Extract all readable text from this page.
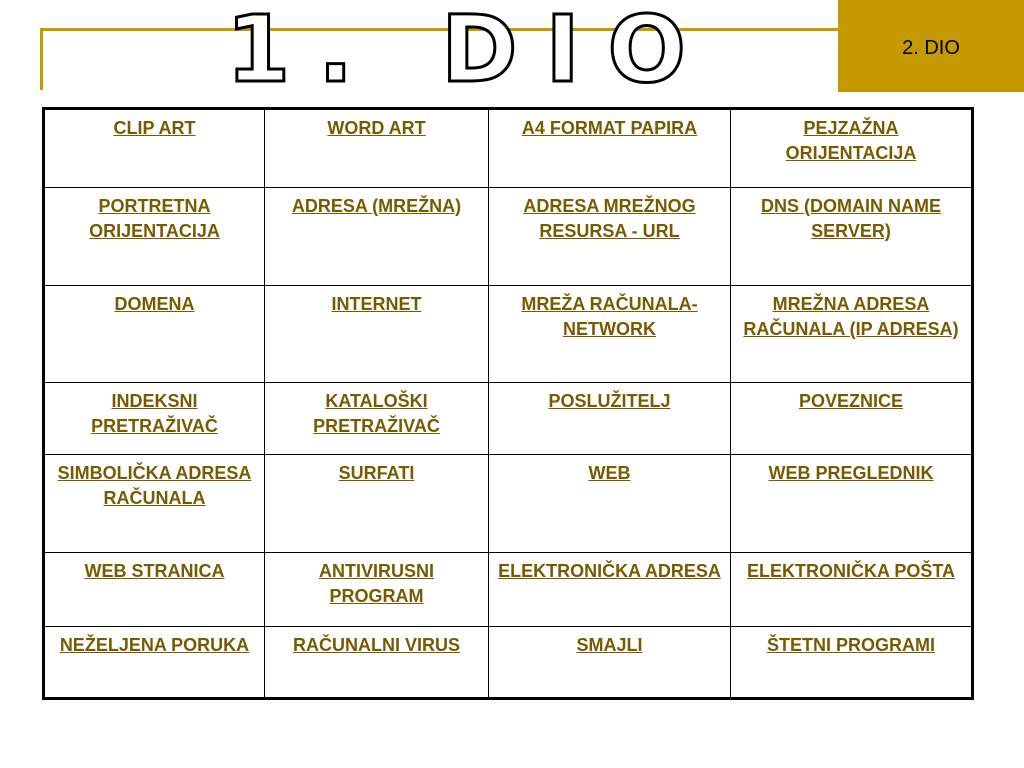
1. DIO	2. DIO
CLIP ART	WORD ART	A4 FORMAT PAPIRA	PEJZAŽNA ORIJENTACIJA
PORTRETNA ORIJENTACIJA	ADRESA (MREŽNA)	ADRESA MREŽNOG RESURSA - URL	DNS (DOMAIN NAME SERVER)
DOMENA	INTERNET	MREŽA RAČUNALA-NETWORK	MREŽNA ADRESA RAČUNALA (IP ADRESA)
INDEKSNI PRETRAŽIVAČ	KATALOŠKI PRETRAŽIVAČ	POSLUŽITELJ	POVEZNICE
SIMBOLIČKA ADRESA RAČUNALA	SURFATI	WEB	WEB PREGLEDNIK
WEB STRANICA	ANTIVIRUSNI PROGRAM	ELEKTRONIČKA ADRESA	ELEKTRONIČKA POŠTA
NEŽELJENA PORUKA	RAČUNALNI VIRUS	SMAJLI	ŠTETNI PROGRAMI
